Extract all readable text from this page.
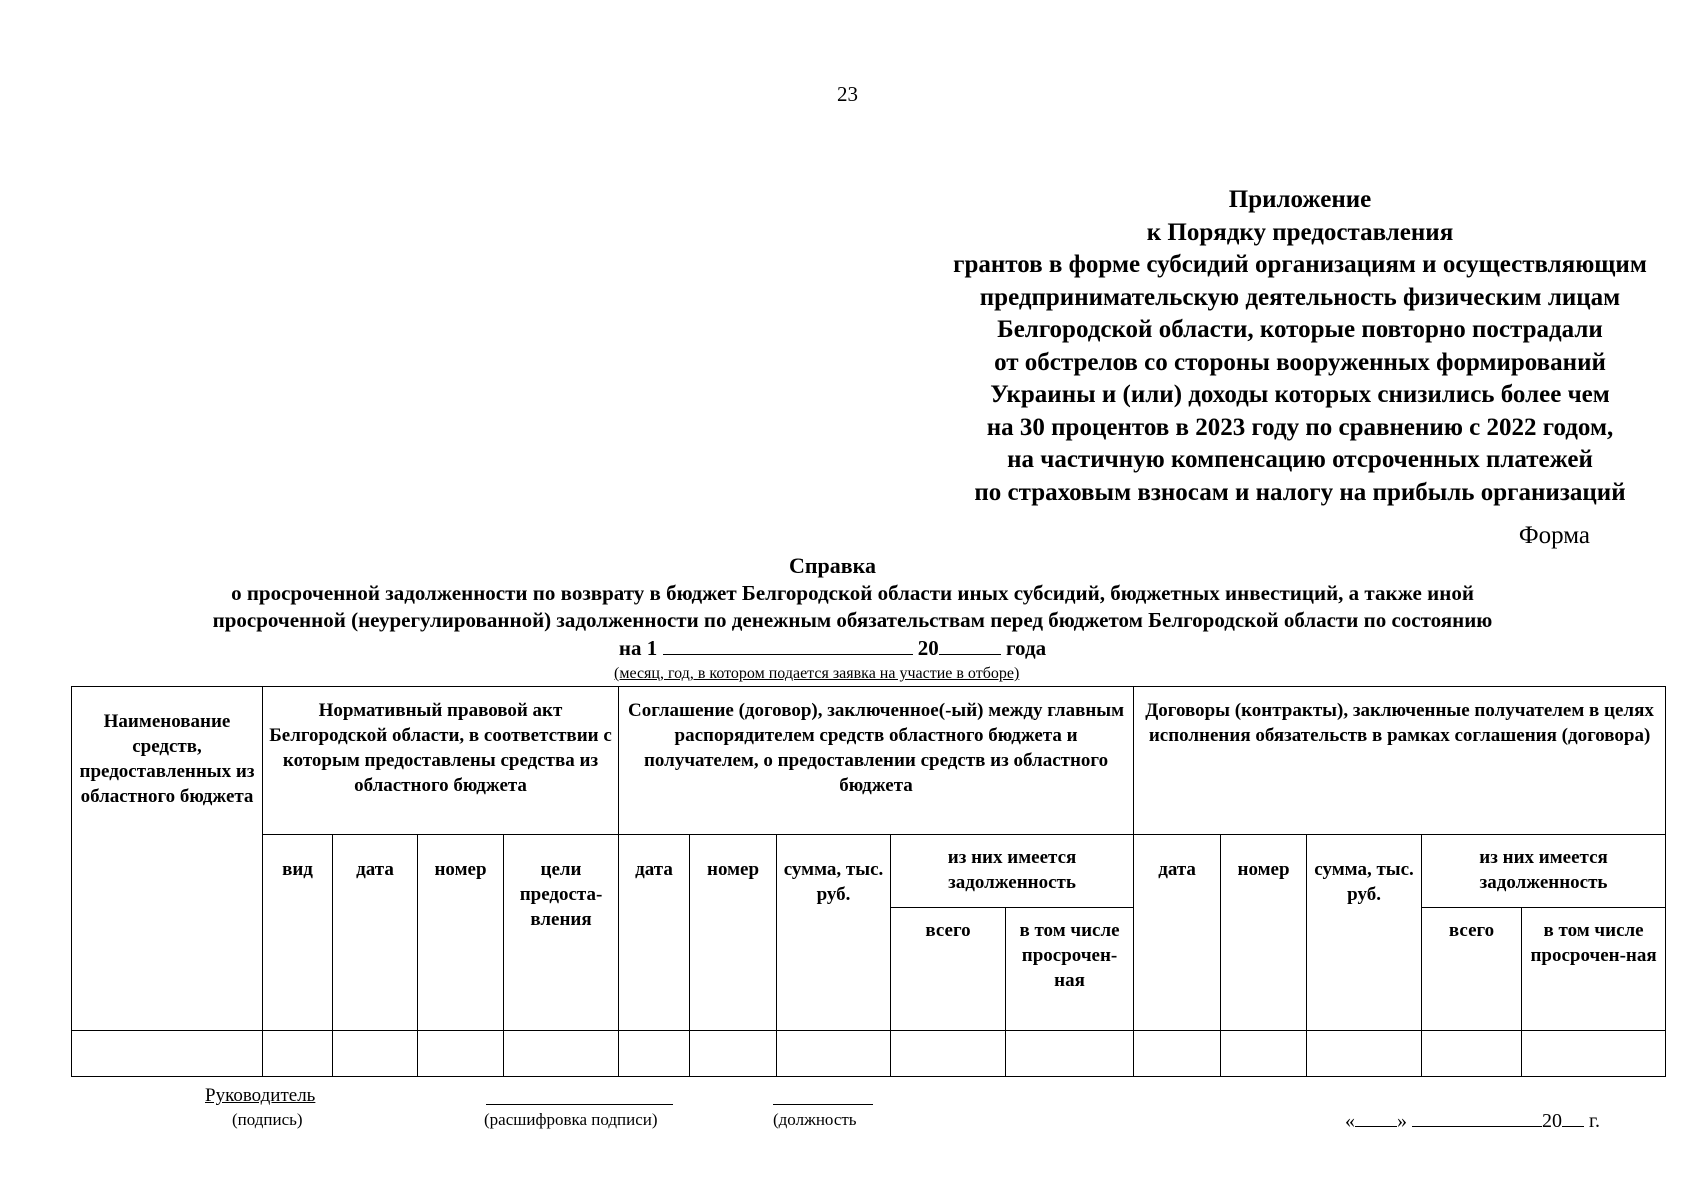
23
Приложение
к Порядку предоставления
грантов в форме субсидий организациям и осуществляющим
предпринимательскую деятельность физическим лицам
Белгородской области, которые повторно пострадали
от обстрелов со стороны вооруженных формирований
Украины и (или) доходы которых снизились более чем
на 30 процентов в 2023 году по сравнению с 2022 годом,
на частичную компенсацию отсроченных платежей
по страховым взносам и налогу на прибыль организаций
Форма
Справка
о просроченной задолженности по возврату в бюджет Белгородской области иных субсидий, бюджетных инвестиций, а также иной
просроченной (неурегулированной) задолженности по денежным обязательствам перед бюджетом Белгородской области по состоянию
на 1	20	года
(месяц, год, в котором подается заявка на участие в отборе)
Наименование средств, предоставленных из областного бюджета	Нормативный правовой акт Белгородской области, в соответствии с которым предоставлены средства из областного бюджета				Соглашение (договор), заключенное(-ый) между главным распорядителем средств областного бюджета и получателем, о предоставлении средств из областного бюджета					Договоры (контракты), заключенные получателем в целях исполнения обязательств в рамках соглашения (договора)				
	вид	дата	номер	цели предоста-вления	дата	номер	сумма, тыс. руб.	из них имеется задолженность		дата	номер	сумма, тыс. руб.	из них имеется задолженность	
								всего	в том числе просрочен-ная				всего	в том числе просрочен-ная

Руководитель
(подпись)	(расшифровка подписи)	(должность	« »	20 г.
